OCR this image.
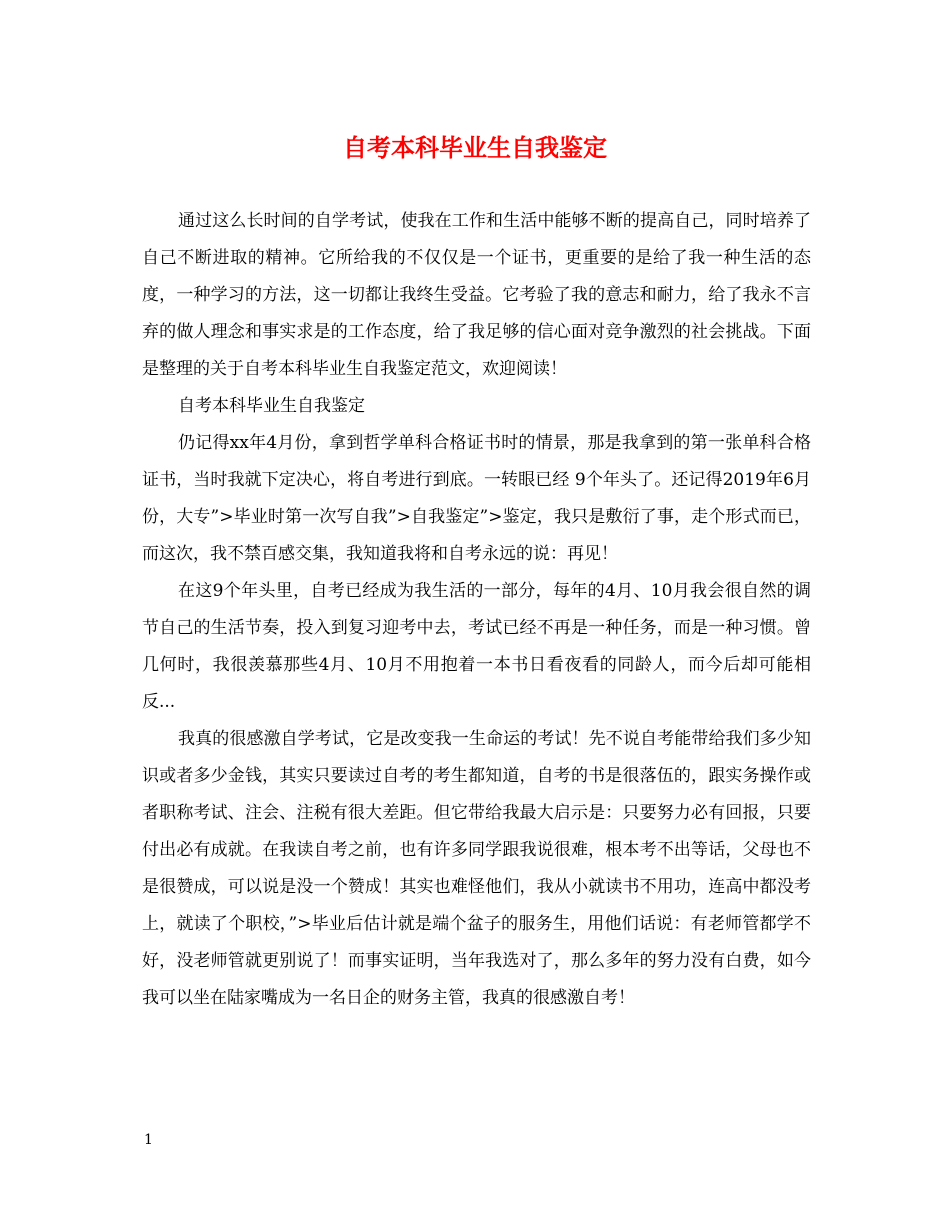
自考本科毕业生自我鉴定

通过这么长时间的自学考试，使我在工作和生活中能够不断的提高自己，同时培养了自己不断进取的精神。它所给我的不仅仅是一个证书，更重要的是给了我一种生活的态度，一种学习的方法，这一切都让我终生受益。它考验了我的意志和耐力，给了我永不言弃的做人理念和事实求是的工作态度，给了我足够的信心面对竞争激烈的社会挑战。下面是整理的关于自考本科毕业生自我鉴定范文，欢迎阅读！

自考本科毕业生自我鉴定

仍记得xx年4月份，拿到哲学单科合格证书时的情景，那是我拿到的第一张单科合格证书，当时我就下定决心，将自考进行到底。一转眼已经 9个年头了。还记得2019年6月份，大专”>毕业时第一次写自我”>自我鉴定”>鉴定，我只是敷衍了事，走个形式而已，而这次，我不禁百感交集，我知道我将和自考永远的说：再见！

在这9个年头里，自考已经成为我生活的一部分，每年的4月、10月我会很自然的调节自己的生活节奏，投入到复习迎考中去，考试已经不再是一种任务，而是一种习惯。曾几何时，我很羡慕那些4月、10月不用抱着一本书日看夜看的同龄人，而今后却可能相反...

我真的很感激自学考试，它是改变我一生命运的考试！先不说自考能带给我们多少知识或者多少金钱，其实只要读过自考的考生都知道，自考的书是很落伍的，跟实务操作或者职称考试、注会、注税有很大差距。但它带给我最大启示是：只要努力必有回报，只要付出必有成就。在我读自考之前，也有许多同学跟我说很难，根本考不出等话，父母也不是很赞成，可以说是没一个赞成！其实也难怪他们，我从小就读书不用功，连高中都没考上，就读了个职校，”>毕业后估计就是端个盆子的服务生，用他们话说：有老师管都学不好，没老师管就更别说了！而事实证明，当年我选对了，那么多年的努力没有白费，如今我可以坐在陆家嘴成为一名日企的财务主管，我真的很感激自考！

1
